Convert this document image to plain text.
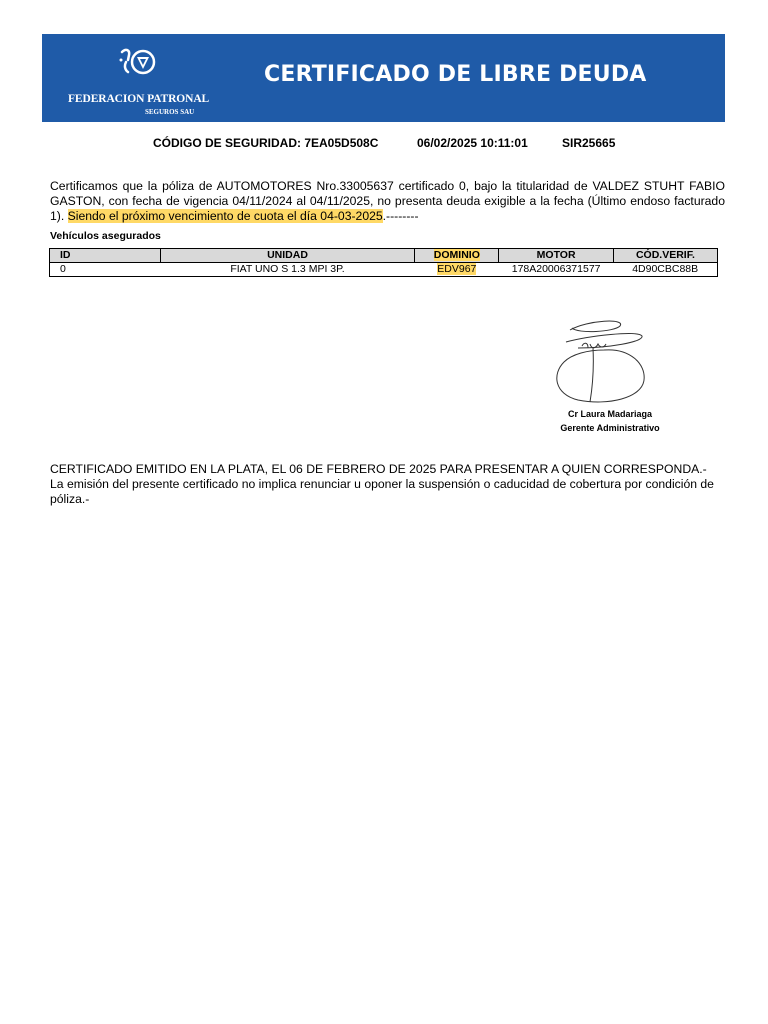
FEDERACION PATRONAL
SEGUROS SAU
CERTIFICADO DE LIBRE DEUDA
CÓDIGO DE SEGURIDAD: 7EA05D508C	06/02/2025 10:11:01	SIR25665
Certificamos que la póliza de AUTOMOTORES Nro.33005637 certificado 0, bajo la titularidad de VALDEZ STUHT FABIO GASTON, con fecha de vigencia 04/11/2024 al 04/11/2025, no presenta deuda exigible a la fecha (Último endoso facturado 1). Siendo el próximo vencimiento de cuota el día 04-03-2025.--------
Vehículos asegurados
ID	UNIDAD	DOMINIO	MOTOR	CÓD.VERIF.
0	FIAT UNO S 1.3 MPI 3P.	EDV967	178A20006371577	4D90CBC88B
Cr Laura Madariaga
Gerente Administrativo

CERTIFICADO EMITIDO EN LA PLATA, EL 06 DE FEBRERO DE 2025 PARA PRESENTAR A QUIEN CORRESPONDA.-

La emisión del presente certificado no implica renunciar u oponer la suspensión o caducidad de cobertura por condición de póliza.-
